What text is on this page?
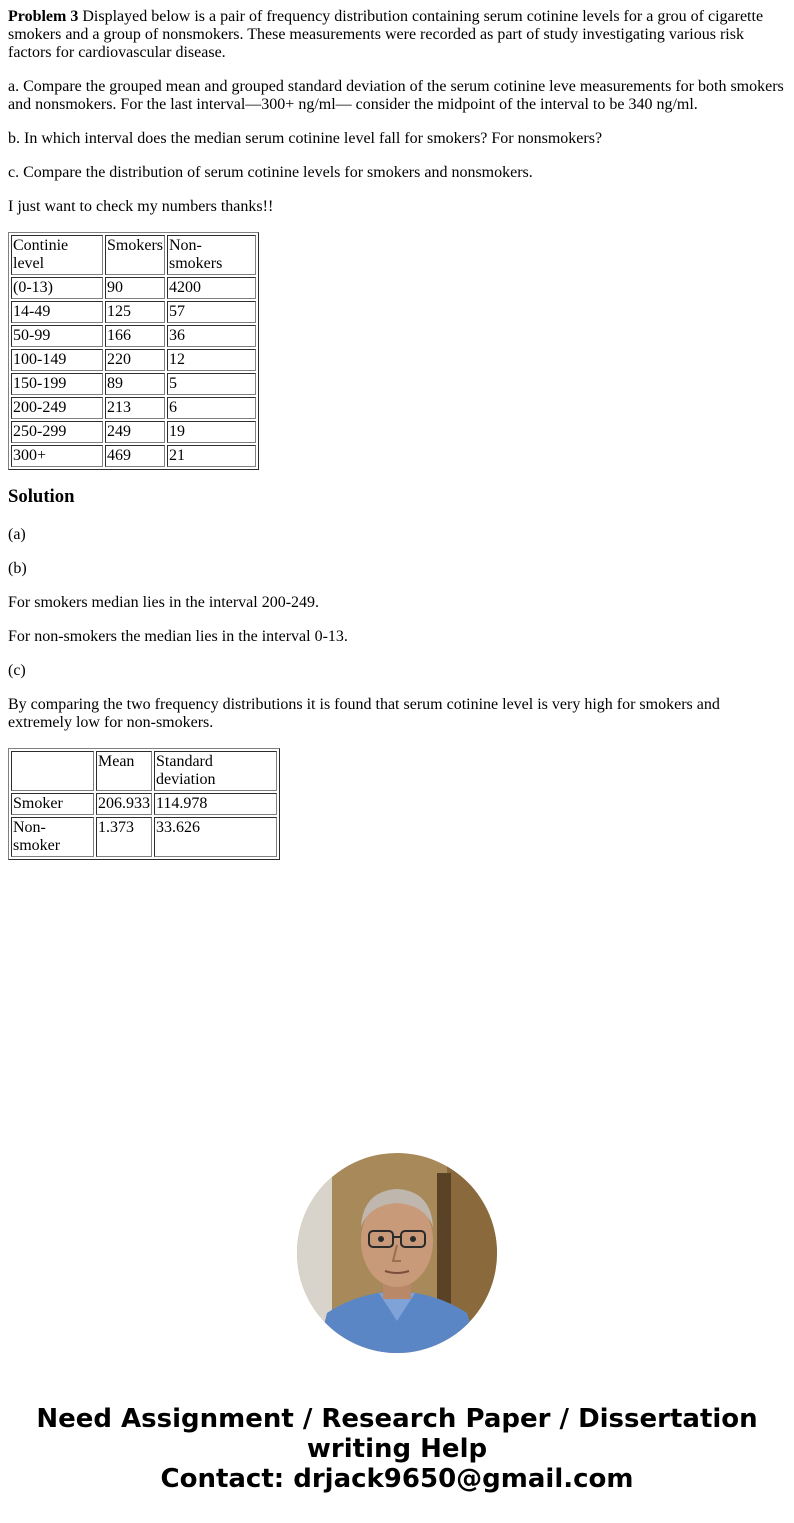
Problem 3 Displayed below is a pair of frequency distribution containing serum cotinine levels for a grou of cigarette smokers and a group of nonsmokers. These measurements were recorded as part of study investigating various risk factors for cardiovascular disease.

a. Compare the grouped mean and grouped standard deviation of the serum cotinine leve measurements for both smokers and nonsmokers. For the last interval—300+ ng/ml— consider the midpoint of the interval to be 340 ng/ml.

b. In which interval does the median serum cotinine level fall for smokers? For nonsmokers?

c. Compare the distribution of serum cotinine levels for smokers and nonsmokers.

I just want to check my numbers thanks!!

Continie level	Smokers	Non-smokers
(0-13)	90	4200
14-49	125	57
50-99	166	36
100-149	220	12
150-199	89	5
200-249	213	6
250-299	249	19
300+	469	21
Solution

(a)

(b)

For smokers median lies in the interval 200-249.

For non-smokers the median lies in the interval 0-13.

(c)

By comparing the two frequency distributions it is found that serum cotinine level is very high for smokers and extremely low for non-smokers.

	Mean	Standard deviation
Smoker	206.933	114.978
Non-smoker	1.373	33.626
Need Assignment / Research Paper / Dissertation
writing Help
Contact: drjack9650@gmail.com
